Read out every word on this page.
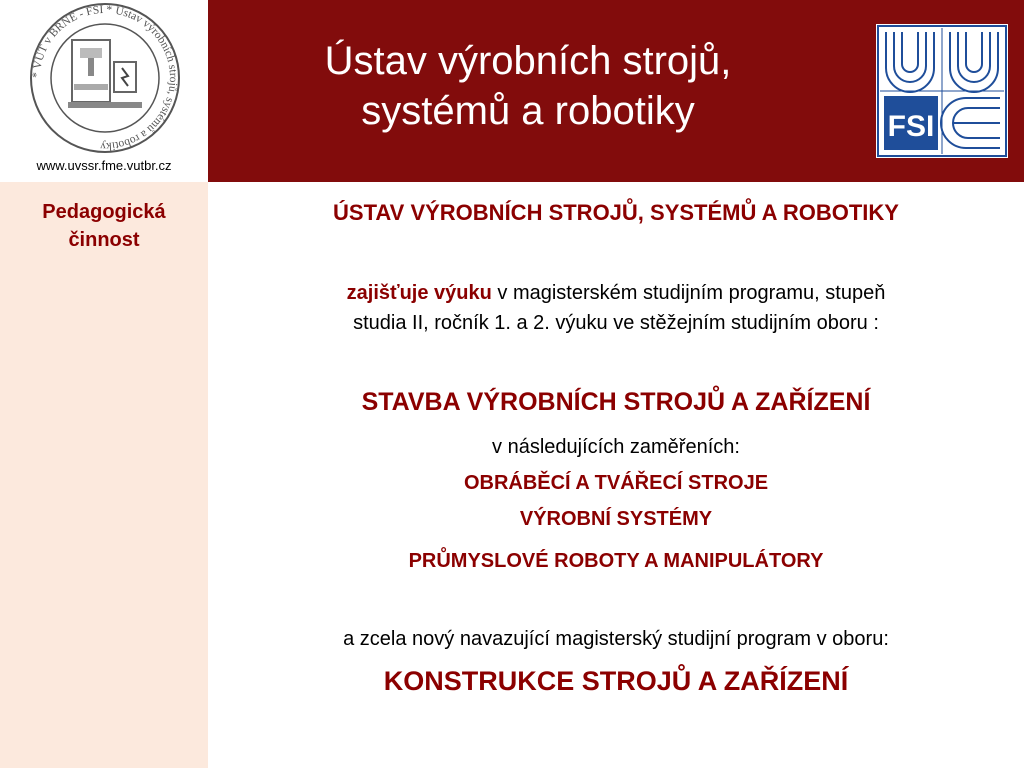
* VUT v BRNĚ - FSI * Ústav výrobních strojů, systémů a robotiky
www.uvssr.fme.vutbr.cz
Pedagogická
činnost
Ústav výrobních strojů,
systémů a robotiky	FSI
ÚSTAV VÝROBNÍCH STROJŮ, SYSTÉMŮ A ROBOTIKY
zajišťuje výuku v magisterském studijním programu, stupeň
studia II, ročník 1. a 2. výuku ve stěžejním studijním oboru :
STAVBA VÝROBNÍCH STROJŮ A ZAŘÍZENÍ
v následujících zaměřeních:
OBRÁBĚCÍ A TVÁŘECÍ STROJE
VÝROBNÍ SYSTÉMY
PRŮMYSLOVÉ ROBOTY A MANIPULÁTORY
a zcela nový navazující magisterský studijní program v oboru:
KONSTRUKCE STROJŮ A ZAŘÍZENÍ
